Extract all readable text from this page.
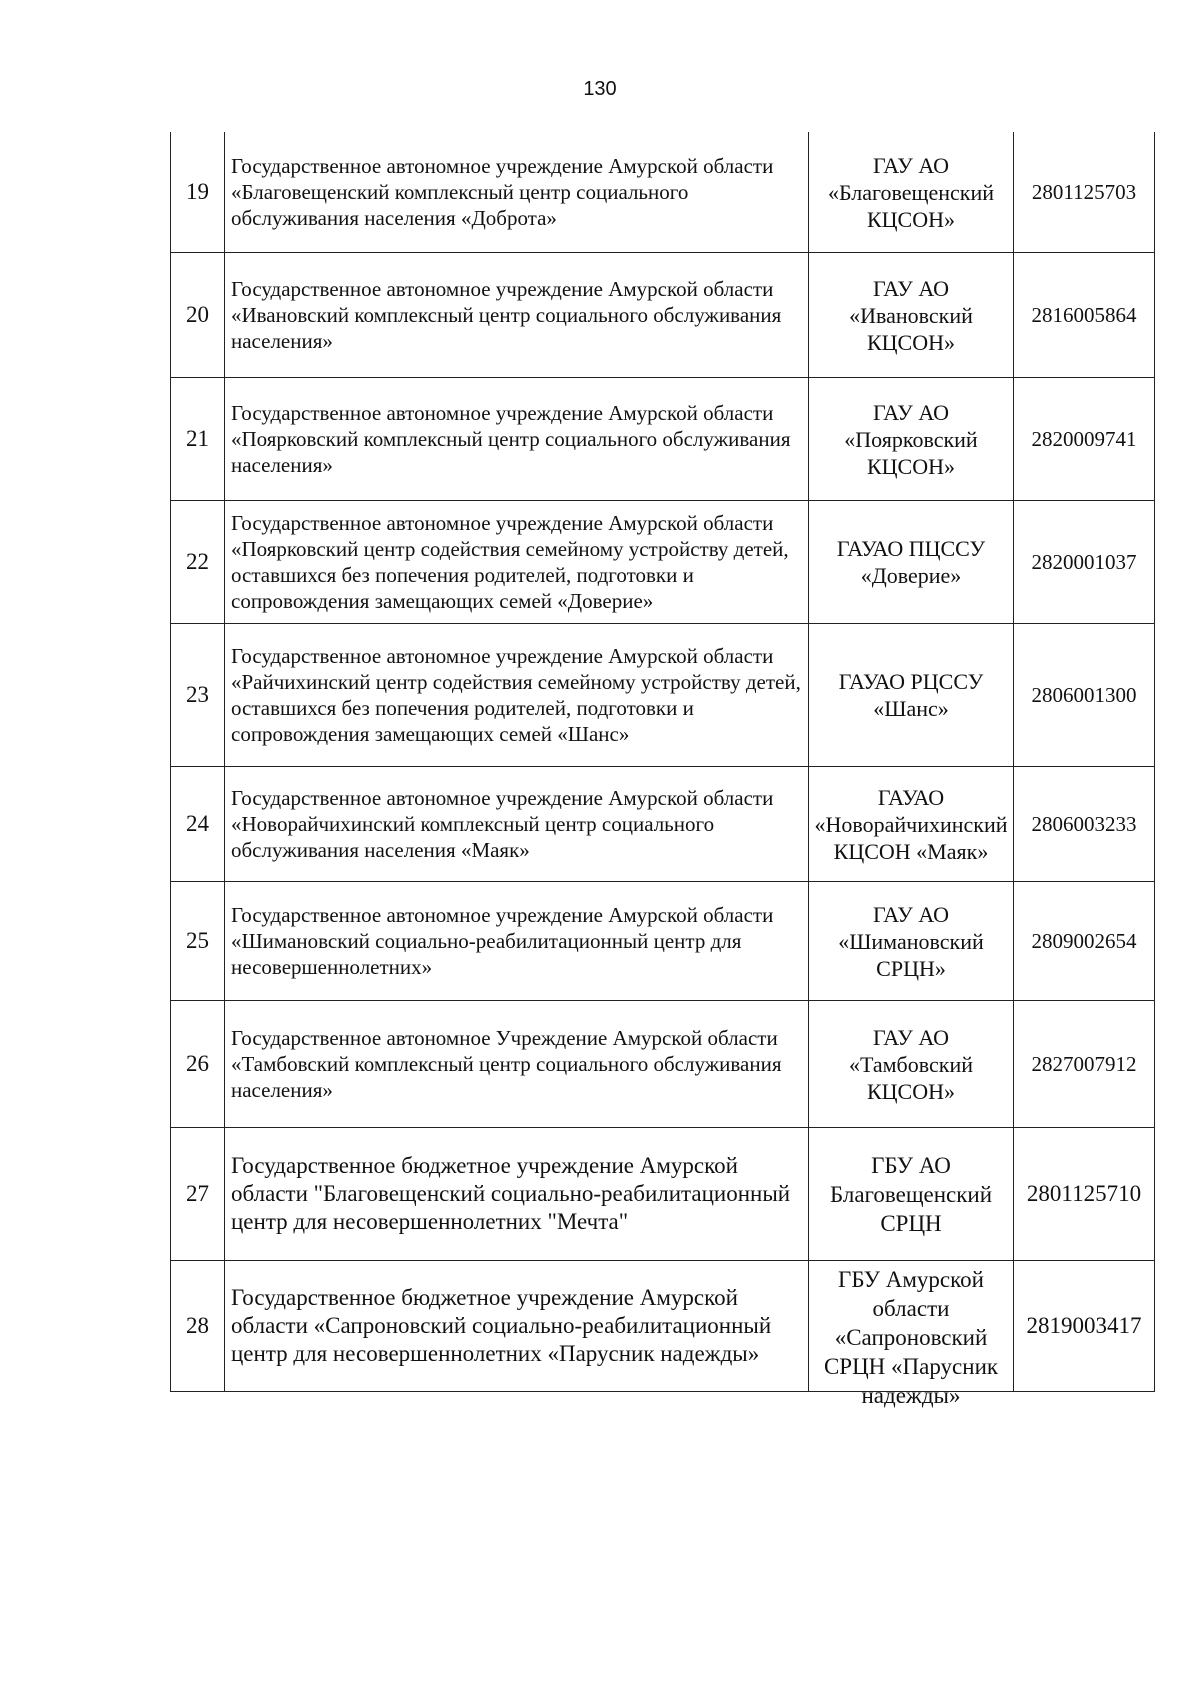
130
19
Государственное автономное учреждение Амурской области «Благовещенский комплексный центр социального обслуживания населения «Доброта»
ГАУ АО «Благовещенский КЦСОН»
2801125703
20
Государственное автономное учреждение Амурской области «Ивановский комплексный центр социального обслуживания населения»
ГАУ АО «Ивановский КЦСОН»
2816005864
21
Государственное автономное учреждение Амурской области «Поярковский комплексный центр социального обслуживания населения»
ГАУ АО «Поярковский КЦСОН»
2820009741
22
Государственное автономное учреждение Амурской области «Поярковский центр содействия семейному устройству детей, оставшихся без попечения родителей, подготовки и сопровождения замещающих семей «Доверие»
ГАУАО ПЦССУ «Доверие»
2820001037
23
Государственное автономное учреждение Амурской области «Райчихинский центр содействия семейному устройству детей, оставшихся без попечения родителей, подготовки и сопровождения замещающих семей «Шанс»
ГАУАО РЦССУ «Шанс»
2806001300
24
Государственное автономное учреждение Амурской области «Новорайчихинский комплексный центр социального обслуживания населения «Маяк»
ГАУАО «Новорайчихинский КЦСОН «Маяк»
2806003233
25
Государственное автономное учреждение Амурской области «Шимановский социально-реабилитационный центр для несовершеннолетних»
ГАУ АО «Шимановский СРЦН»
2809002654
26
Государственное автономное Учреждение Амурской области «Тамбовский комплексный центр социального обслуживания населения»
ГАУ АО «Тамбовский КЦСОН»
2827007912
27
Государственное бюджетное учреждение Амурской области "Благовещенский социально-реабилитационный центр для несовершеннолетних "Мечта"
ГБУ АО Благовещенский СРЦН
2801125710
28
Государственное бюджетное учреждение Амурской области «Сапроновский социально-реабилитационный центр для несовершеннолетних «Парусник надежды»
ГБУ Амурской области «Сапроновский СРЦН «Парусник надежды»
2819003417
